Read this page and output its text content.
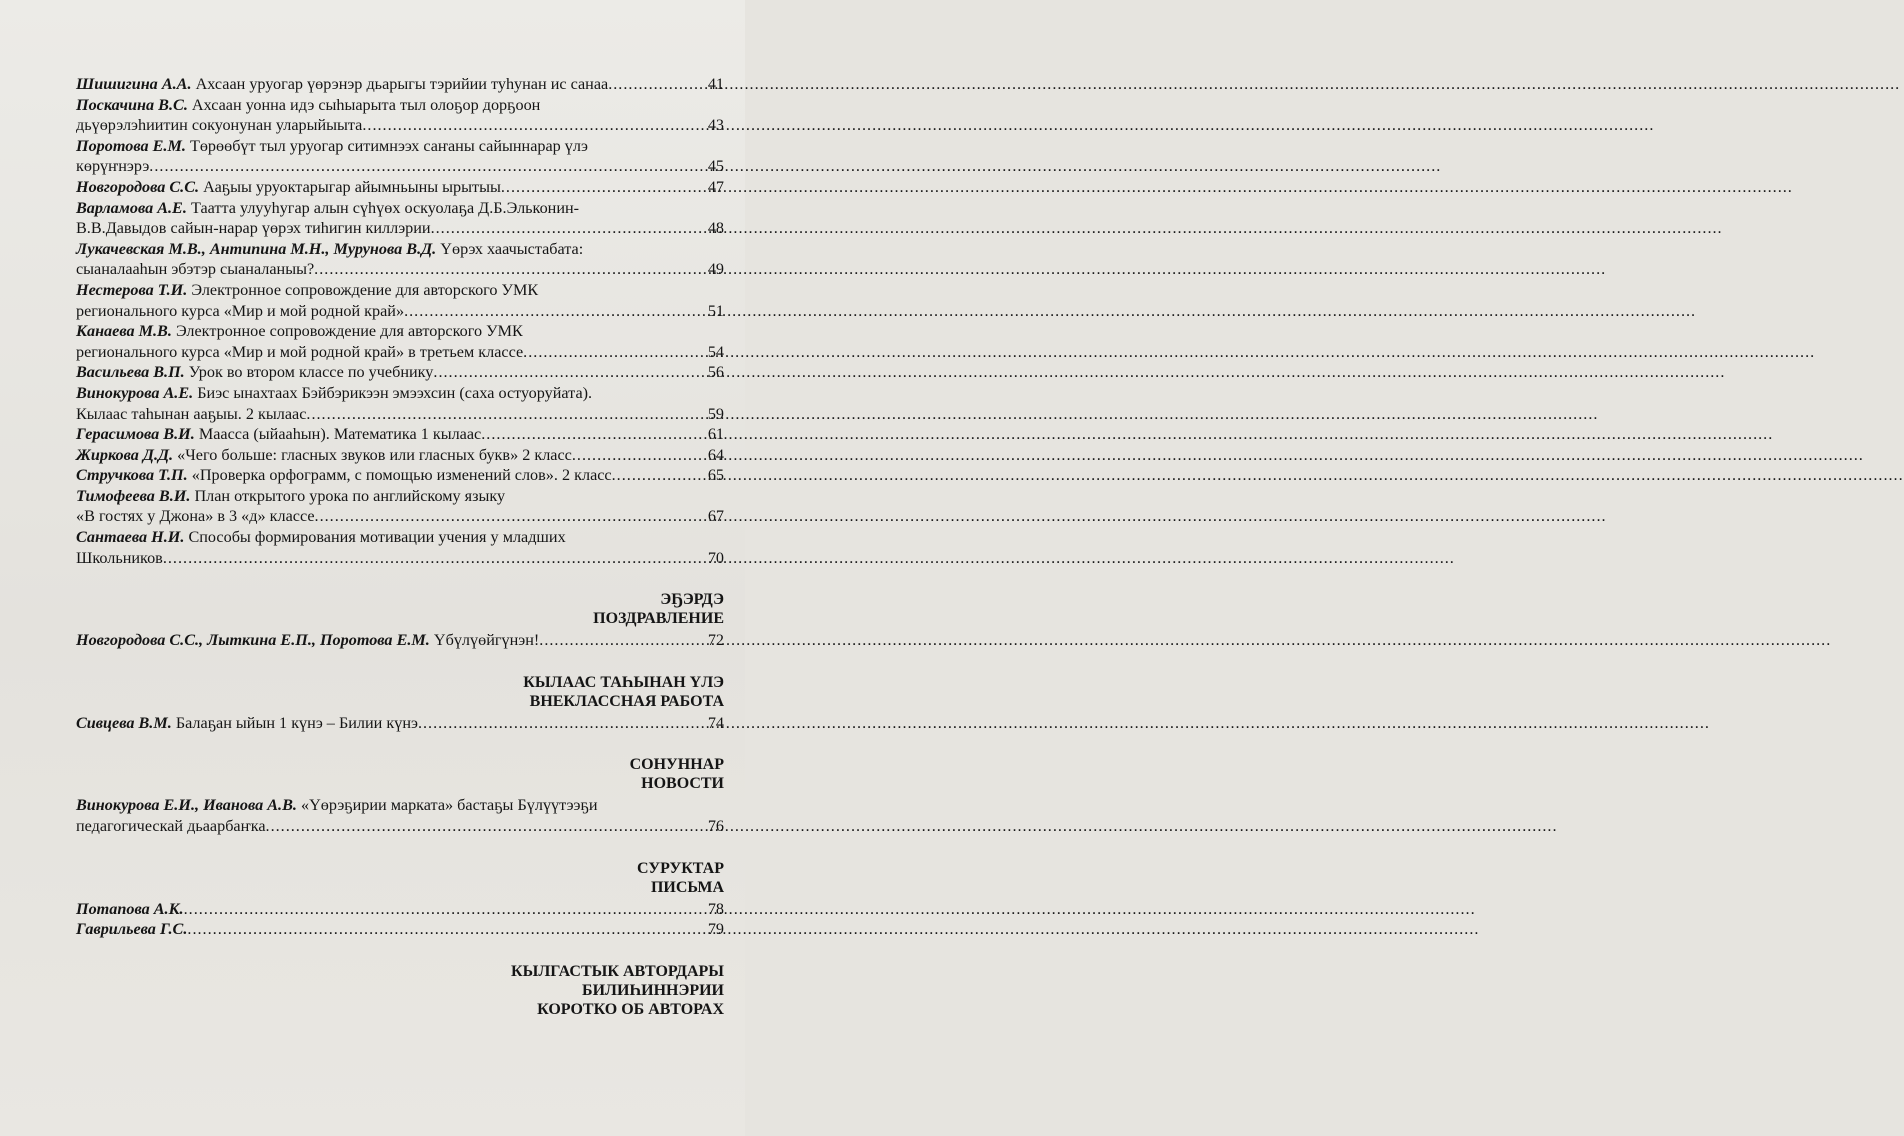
Шишигина А.А. Ахсаан уруогар үөрэнэр дьарыгы тэрийии туһунан ис санаа .....	41
Поскачина В.С. Ахсаан уонна идэ сыһыарыта тыл олоҕор дорҕоон
дьүөрэлэһиитин сокуонунан уларыйыыта .....	43
Поротова Е.М. Төрөөбүт тыл уруогар ситимнээх саҥаны сайыннарар үлэ
көрүҥнэрэ .....	45
Новгородова С.С. Ааҕыы уруоктарыгар айымньыны ырытыы .....	47
Варламова А.Е. Таатта улууһугар алын сүһүөх оскуолаҕа Д.Б.Эльконин-
В.В.Давыдов сайын-нарар үөрэх тиһигин киллэрии .....	48
Лукачевская М.В., Антипина М.Н., Мурунова В.Д. Үөрэх хаачыстабата:
сыаналааһын эбэтэр сыаналаныы? .....	49
Нестерова Т.И. Электронное сопровождение для авторского УМК
регионального курса «Мир и мой родной край» .....	51
Канаева М.В. Электронное сопровождение для авторского УМК
регионального курса «Мир и мой родной край» в третьем классе .....	54
Васильева В.П. Урок во втором классе по учебнику .....	56
Винокурова А.Е. Биэс ынахтаах Бэйбэрикээн эмээхсин (саха остуоруйата).
Кылаас таһынан ааҕыы. 2 кылаас .....	59
Герасимова В.И. Маасса (ыйааһын). Математика 1 кылаас .....	61
Жиркова Д.Д. «Чего больше: гласных звуков или гласных букв» 2 класс .....	64
Стручкова Т.П. «Проверка орфограмм, с помощью изменений слов». 2 класс .....	65
Тимофеева В.И. План открытого урока по английскому языку
«В гостях у Джона» в 3 «д» классе .....	67
Сантаева Н.И. Способы формирования мотивации учения у младших
Школьников .....	70
ЭҔЭРДЭ
ПОЗДРАВЛЕНИЕ
Новгородова С.С., Лыткина Е.П., Поротова Е.М. Үбүлүөйгүнэн! .....	72
КЫЛААС ТАҺЫНАН ҮЛЭ
ВНЕКЛАССНАЯ РАБОТА
Сивцева В.М. Балаҕан ыйын 1 күнэ – Билии күнэ .....	74
СОНУННАР
НОВОСТИ
Винокурова Е.И., Иванова А.В. «Үөрэҕирии марката» бастаҕы Бүлүүтээҕи
педагогическай дьаарбаҥка .....	76
СУРУКТАР
ПИСЬМА
Потапова А.К. .....	78
Гаврильева Г.С. .....	79
КЫЛГАСТЫК АВТОРДАРЫ
БИЛИҺИННЭРИИ
КОРОТКО ОБ АВТОРАХ
